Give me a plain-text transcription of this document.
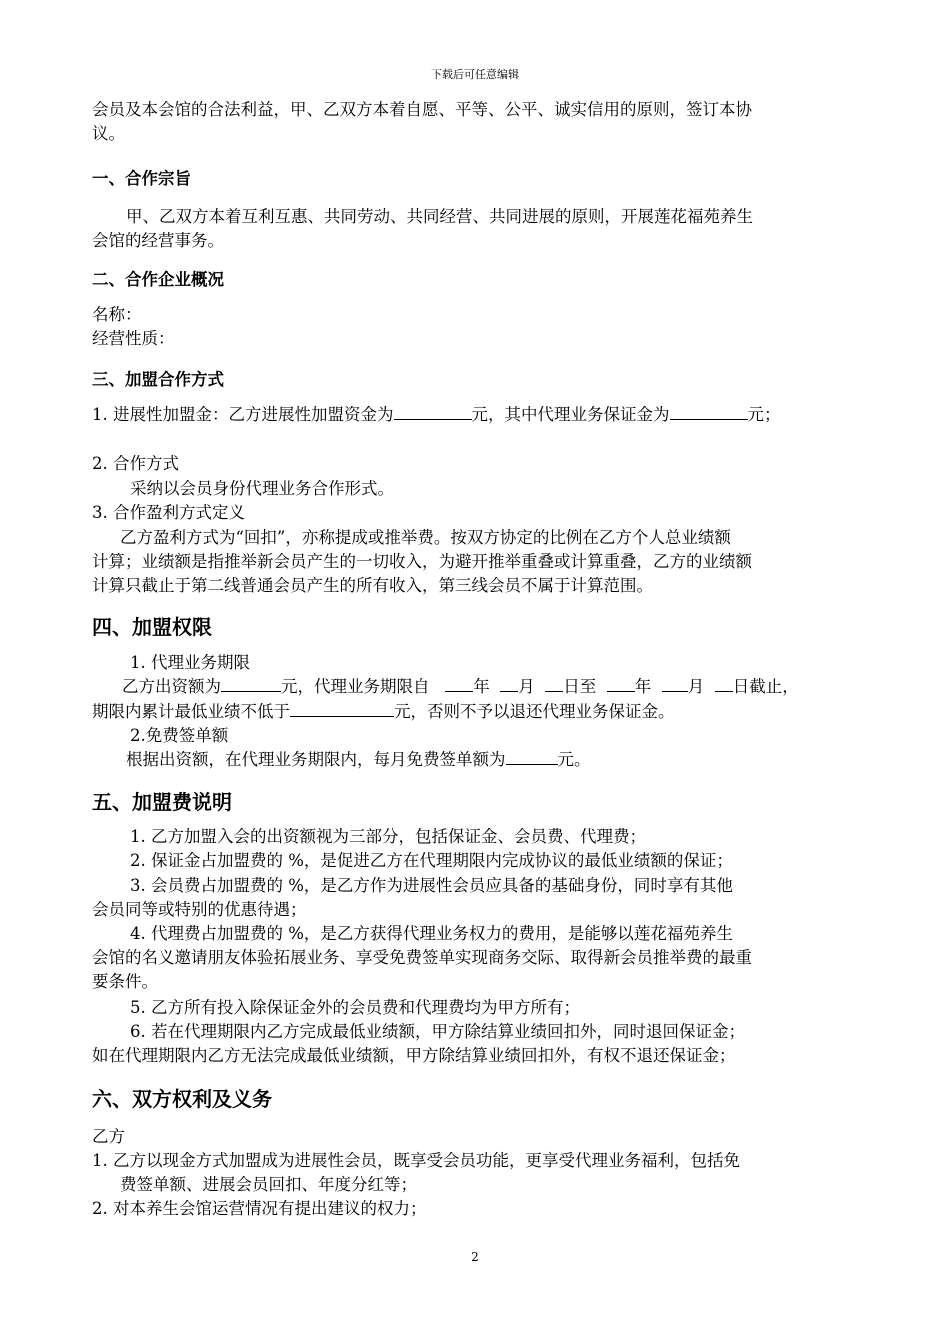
下载后可任意编辑
会员及本会馆的合法利益，甲、乙双方本着自愿、平等、公平、诚实信用的原则，签订本协
议。
一、合作宗旨
甲、乙双方本着互利互惠、共同劳动、共同经营、共同进展的原则，开展莲花福苑养生
会馆的经营事务。
二、合作企业概况
名称：
经营性质：
三、加盟合作方式
1. 进展性加盟金：乙方进展性加盟资金为	元，其中代理业务保证金为	元；
2. 合作方式
采纳以会员身份代理业务合作形式。
3. 合作盈利方式定义
乙方盈利方式为“回扣”，亦称提成或推举费。按双方协定的比例在乙方个人总业绩额
计算；业绩额是指推举新会员产生的一切收入，为避开推举重叠或计算重叠，乙方的业绩额
计算只截止于第二线普通会员产生的所有收入，第三线会员不属于计算范围。
四、加盟权限
1. 代理业务期限
乙方出资额为	元，代理业务期限自	年 月 日至 年 月 日截止，
期限内累计最低业绩不低于	元，否则不予以退还代理业务保证金。
2.免费签单额
根据出资额，在代理业务期限内，每月免费签单额为	元。
五、加盟费说明
1. 乙方加盟入会的出资额视为三部分，包括保证金、会员费、代理费；
2. 保证金占加盟费的 %，是促进乙方在代理期限内完成协议的最低业绩额的保证；
3. 会员费占加盟费的 %，是乙方作为进展性会员应具备的基础身份，同时享有其他
会员同等或特别的优惠待遇；
4. 代理费占加盟费的 %，是乙方获得代理业务权力的费用，是能够以莲花福苑养生
会馆的名义邀请朋友体验拓展业务、享受免费签单实现商务交际、取得新会员推举费的最重
要条件。
5. 乙方所有投入除保证金外的会员费和代理费均为甲方所有；
6. 若在代理期限内乙方完成最低业绩额，甲方除结算业绩回扣外，同时退回保证金；
如在代理期限内乙方无法完成最低业绩额，甲方除结算业绩回扣外，有权不退还保证金；
六、双方权利及义务
乙方
1. 乙方以现金方式加盟成为进展性会员，既享受会员功能，更享受代理业务福利，包括免
费签单额、进展会员回扣、年度分红等；
2. 对本养生会馆运营情况有提出建议的权力；
2
